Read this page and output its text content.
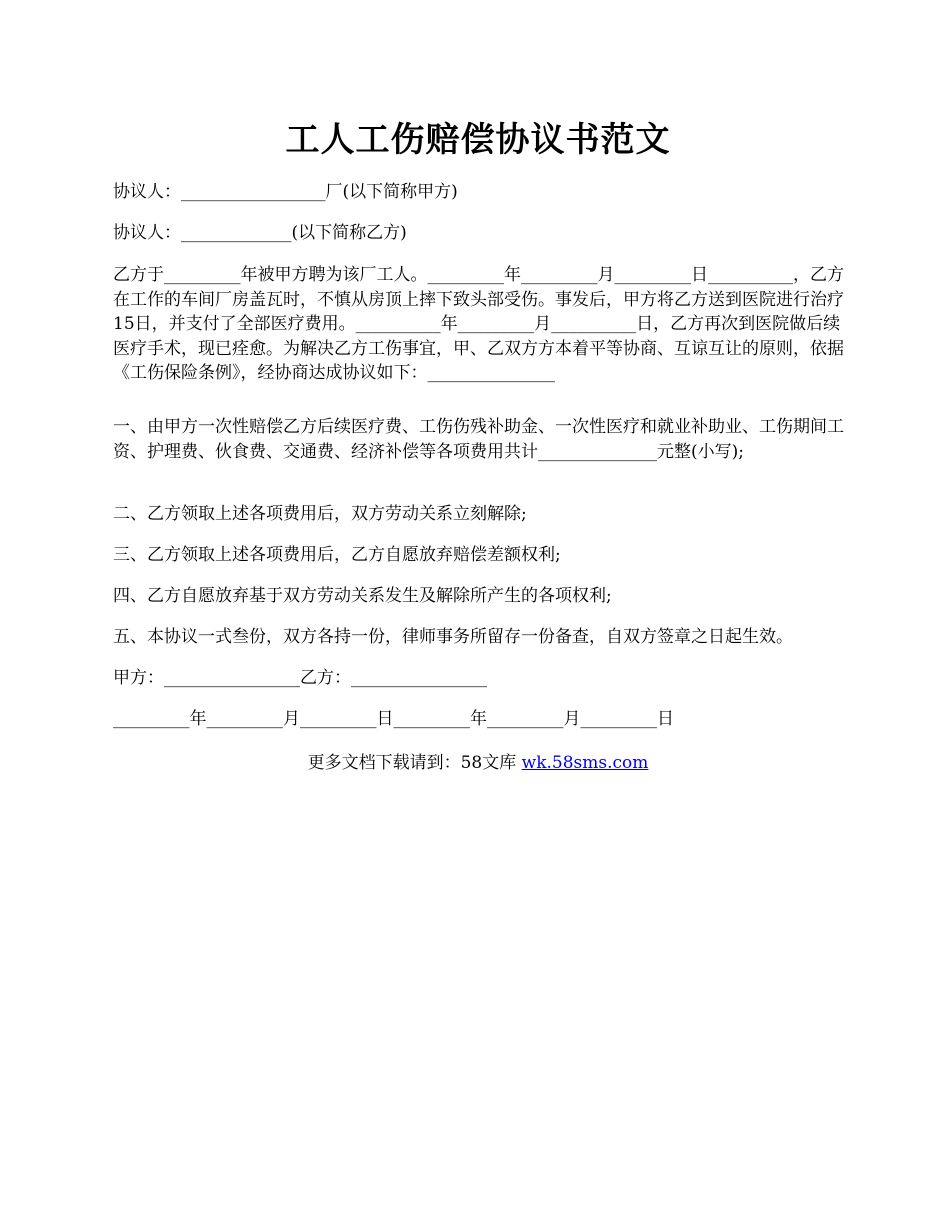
工人工伤赔偿协议书范文

协议人：_________________厂(以下简称甲方)

协议人：_____________(以下简称乙方)

乙方于_________年被甲方聘为该厂工人。_________年_________月_________日__________，乙方在工作的车间厂房盖瓦时，不慎从房顶上摔下致头部受伤。事发后，甲方将乙方送到医院进行治疗15日，并支付了全部医疗费用。__________年_________月__________日，乙方再次到医院做后续医疗手术，现已痊愈。为解决乙方工伤事宜，甲、乙双方方本着平等协商、互谅互让的原则，依据《工伤保险条例》，经协商达成协议如下：_______________

一、由甲方一次性赔偿乙方后续医疗费、工伤伤残补助金、一次性医疗和就业补助业、工伤期间工资、护理费、伙食费、交通费、经济补偿等各项费用共计______________元整(小写);

二、乙方领取上述各项费用后，双方劳动关系立刻解除;

三、乙方领取上述各项费用后，乙方自愿放弃赔偿差额权利;

四、乙方自愿放弃基于双方劳动关系发生及解除所产生的各项权利;

五、本协议一式叁份，双方各持一份，律师事务所留存一份备查，自双方签章之日起生效。

甲方：________________乙方：________________

_________年_________月_________日_________年_________月_________日

更多文档下载请到：58文库 wk.58sms.com
